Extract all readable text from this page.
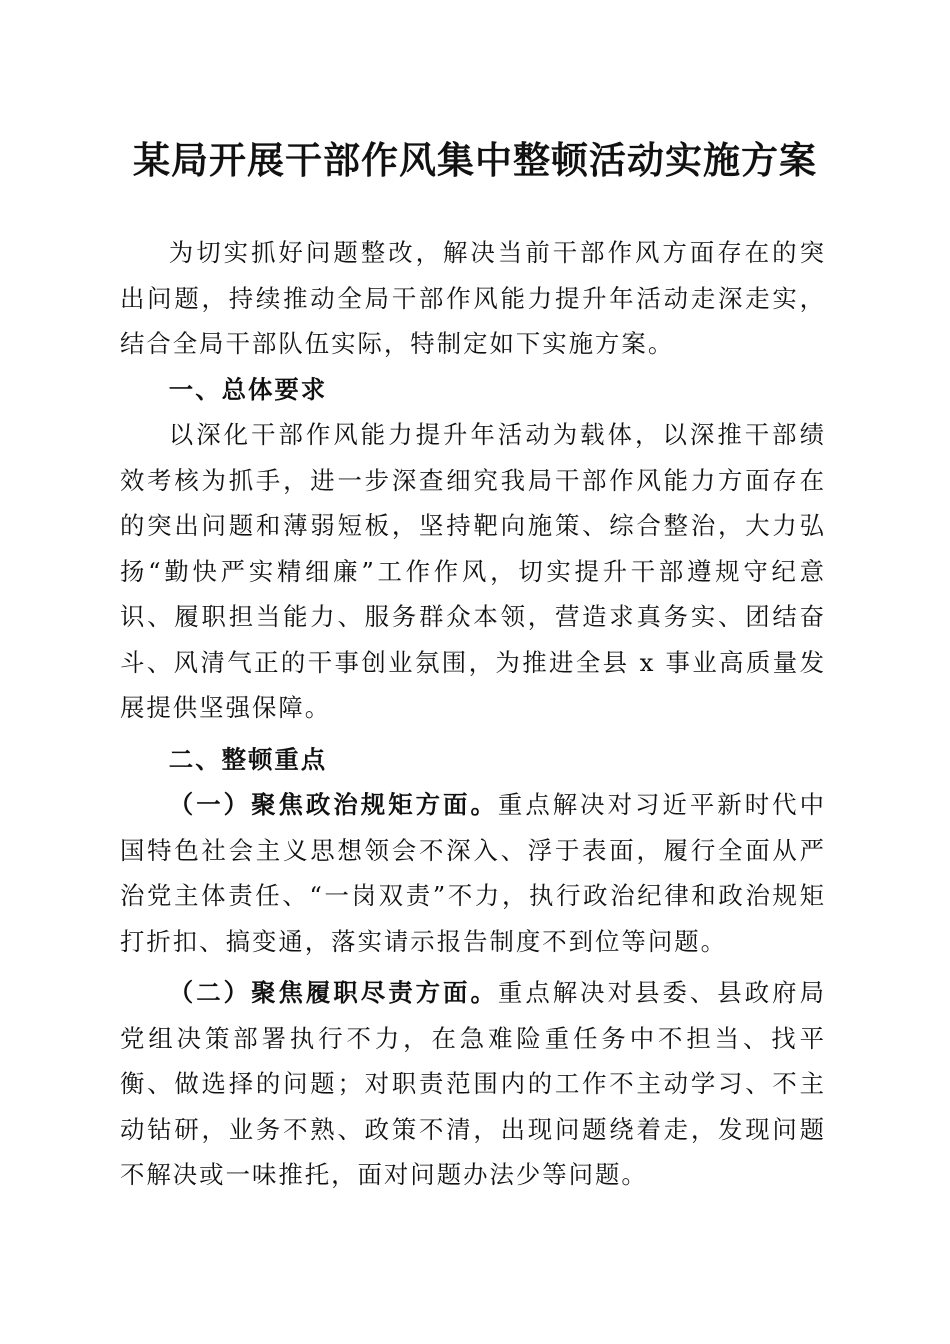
某局开展干部作风集中整顿活动实施方案

为切实抓好问题整改，解决当前干部作风方面存在的突出问题，持续推动全局干部作风能力提升年活动走深走实，结合全局干部队伍实际，特制定如下实施方案。

一、总体要求

以深化干部作风能力提升年活动为载体，以深推干部绩效考核为抓手，进一步深查细究我局干部作风能力方面存在的突出问题和薄弱短板，坚持靶向施策、综合整治，大力弘扬“勤快严实精细廉”工作作风，切实提升干部遵规守纪意识、履职担当能力、服务群众本领，营造求真务实、团结奋斗、风清气正的干事创业氛围，为推进全县 x 事业高质量发展提供坚强保障。

二、整顿重点

（一）聚焦政治规矩方面。重点解决对习近平新时代中国特色社会主义思想领会不深入、浮于表面，履行全面从严治党主体责任、“一岗双责”不力，执行政治纪律和政治规矩打折扣、搞变通，落实请示报告制度不到位等问题。

（二）聚焦履职尽责方面。重点解决对县委、县政府局党组决策部署执行不力，在急难险重任务中不担当、找平衡、做选择的问题；对职责范围内的工作不主动学习、不主动钻研，业务不熟、政策不清，出现问题绕着走，发现问题不解决或一味推托，面对问题办法少等问题。
